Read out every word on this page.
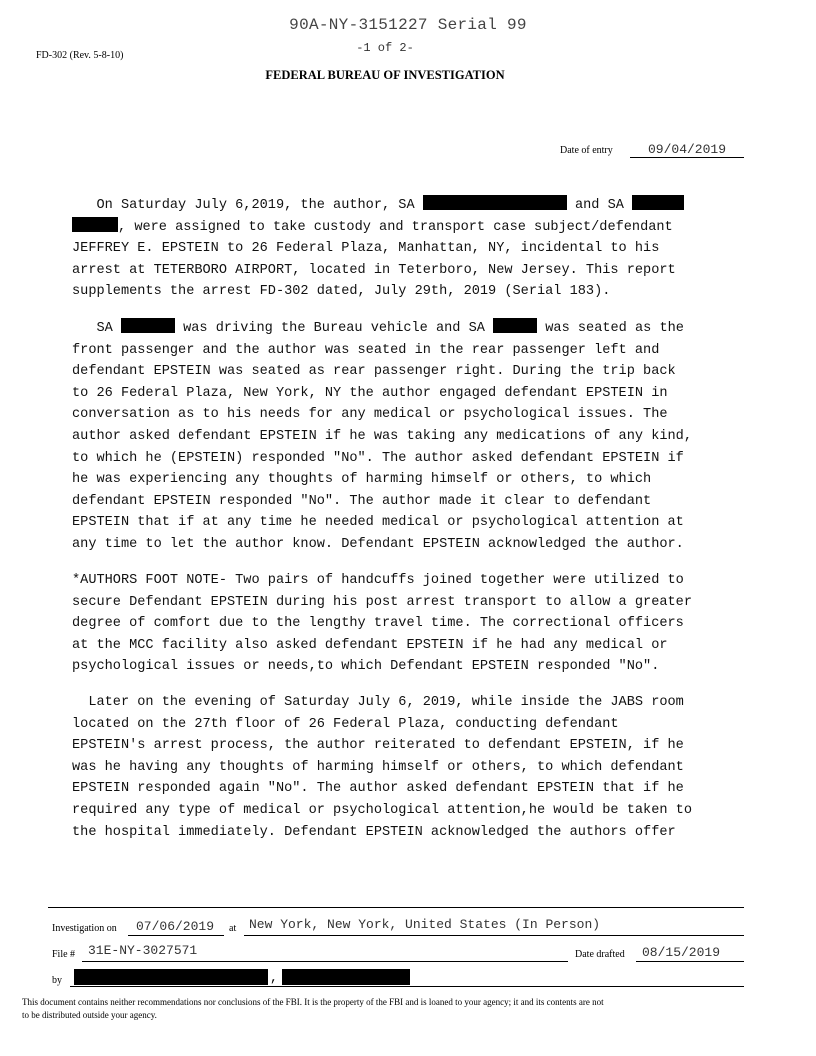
90A-NY-3151227 Serial 99
-1 of 2-
FD-302 (Rev. 5-8-10)
FEDERAL BUREAU OF INVESTIGATION
Date of entry	09/04/2019
On Saturday July 6,2019, the author, SA	and SA
, were assigned to take custody and transport case subject/defendant
JEFFREY E. EPSTEIN to 26 Federal Plaza, Manhattan, NY, incidental to his
arrest at TETERBORO AIRPORT, located in Teterboro, New Jersey. This report
supplements the arrest FD-302 dated, July 29th, 2019 (Serial 183).
SA	was driving the Bureau vehicle and SA	was seated as the
front passenger and the author was seated in the rear passenger left and
defendant EPSTEIN was seated as rear passenger right. During the trip back
to 26 Federal Plaza, New York, NY the author engaged defendant EPSTEIN in
conversation as to his needs for any medical or psychological issues. The
author asked defendant EPSTEIN if he was taking any medications of any kind,
to which he (EPSTEIN) responded "No". The author asked defendant EPSTEIN if
he was experiencing any thoughts of harming himself or others, to which
defendant EPSTEIN responded "No". The author made it clear to defendant
EPSTEIN that if at any time he needed medical or psychological attention at
any time to let the author know. Defendant EPSTEIN acknowledged the author.
*AUTHORS FOOT NOTE- Two pairs of handcuffs joined together were utilized to
secure Defendant EPSTEIN during his post arrest transport to allow a greater
degree of comfort due to the lengthy travel time. The correctional officers
at the MCC facility also asked defendant EPSTEIN if he had any medical or
psychological issues or needs,to which Defendant EPSTEIN responded "No".
Later on the evening of Saturday July 6, 2019, while inside the JABS room
located on the 27th floor of 26 Federal Plaza, conducting defendant
EPSTEIN's arrest process, the author reiterated to defendant EPSTEIN, if he
was he having any thoughts of harming himself or others, to which defendant
EPSTEIN responded again "No". The author asked defendant EPSTEIN that if he
required any type of medical or psychological attention,he would be taken to
the hospital immediately. Defendant EPSTEIN acknowledged the authors offer
Investigation on 07/06/2019 at New York, New York, United States (In Person)
File # 31E-NY-3027571	Date drafted 08/15/2019
by	,
This document contains neither recommendations nor conclusions of the FBI. It is the property of the FBI and is loaned to your agency; it and its contents are not
to be distributed outside your agency.
